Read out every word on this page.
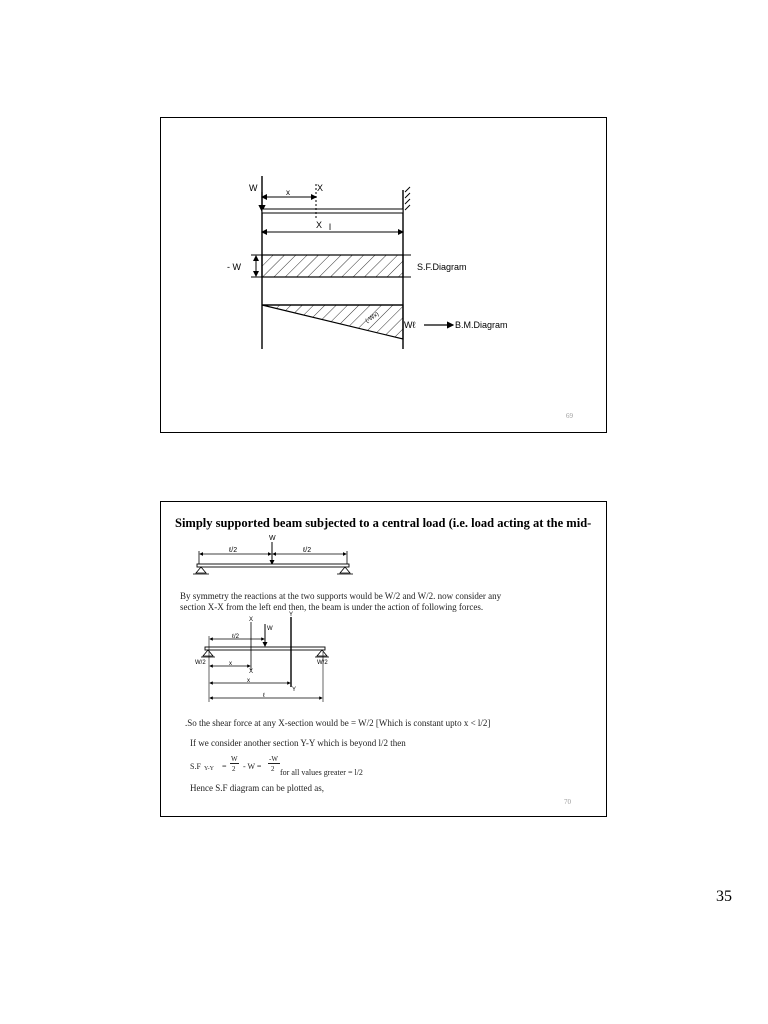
W	x	X
X l
- W	S.F.Diagram
(-Wx)
Wℓ	B.M.Diagram
69
Simply supported beam subjected to a central load (i.e. load acting at the mid-
W
ℓ/2	ℓ/2
W
ℓ/2
X
X
Y
Y
W/2	W/2
x
x
ℓ
By symmetry the reactions at the two supports would be W/2 and W/2. now consider any
section X-X from the left end then, the beam is under the action of following forces.
.So the shear force at any X-section would be = W/2 [Which is constant upto x < l/2]
If we consider another section Y-Y which is beyond l/2 then
S.F Y-Y =
W
2 - W =
-W
2 for all values greater = l/2
Hence S.F diagram can be plotted as,
70
35
